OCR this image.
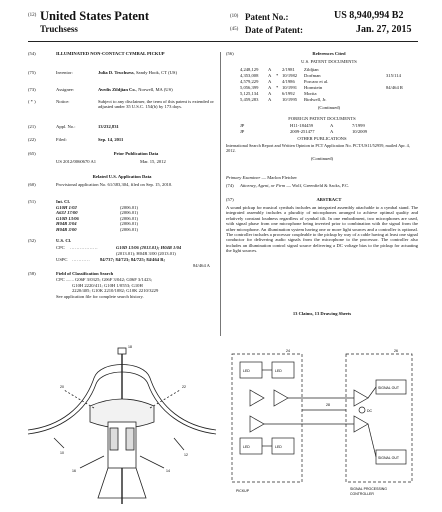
(12) United States Patent
Truchsess
(10) Patent No.:	US 8,940,994 B2
(45) Date of Patent:	Jan. 27, 2015
(54)	ILLUMINATED NON-CONTACT CYMBAL PICKUP
(75)	Inventor:	Julia D. Truchsess, Sandy Hook, CT (US)
(73)	Assignee:	Avedis Zildjian Co., Norwell, MA (US)
( * )	Notice:	Subject to any disclaimer, the term of this patent is extended or adjusted under 35 U.S.C. 154(b) by 173 days.
(21)	Appl. No.:	13/232,831
(22)	Filed:	Sep. 14, 2011
(65)	Prior Publication Data
US 2012/0060670 A1	Mar. 15, 2012
Related U.S. Application Data
(60)	Provisional application No. 61/383,304, filed on Sep. 15, 2010.
(51)	Int. Cl.
G10H 1/02	(2006.01)
A63J 17/00	(2006.01)
G10D 13/06	(2006.01)
H04R 3/04	(2006.01)
H04R 3/00	(2006.01)
(52)	U.S. Cl.
CPC .................	G10D 13/06 (2013.01); H04R 1/04
(2013.01); H04R 3/00 (2013.01)
USPC ........... 84/737; 84/723; 84/725; 84/464 R;
84/464 A
(58)	Field of Classification Search
CPC ....... G06F 3/0325; G06F 3/042; G06F 3/1423;
G10H 2220/411; G10H 1/0553; G10H
2220/405; G10K 2210/1082; G10K 2210/3229
See application file for complete search history.
(56)	References Cited
U.S. PATENT DOCUMENTS
4,248,129 A 2/1981 Zildjian
4,353,008 A * 10/1982 Dorfman	315/114
4,579,229 A 4/1986 Porcaro et al.
5,056,399 A * 10/1991 Hornstein	84/464 R
5,125,134 A 6/1992 Morita
5,459,283 A 10/1995 Birdwell, Jr.
(Continued)
FOREIGN PATENT DOCUMENTS
JP	H11-184459	A	7/1999
JP	2009-251477	A	10/2009
OTHER PUBLICATIONS
International Search Report and Written Opinion in PCT Application No. PCT/US11/52959, mailed Apr. 4, 2012.
(Continued)
Primary Examiner — Marlon Fletcher
(74) Attorney, Agent, or Firm — Wolf, Greenfield & Sacks, P.C.
(57)	ABSTRACT
A sound pickup for musical cymbals includes an integrated assembly attachable to a cymbal stand. The integrated assembly includes a plurality of microphones arranged to achieve optimal quality and relatively constant loudness regardless of cymbal tilt. In one embodiment, two microphones are used, with signal phase from one microphone being inverted prior to combination with the signal from the other microphone. An illumination system having one or more light sources and a controller is optional. The controller includes a processor coupleable to the pickup by way of a cable having at least one signal conductor for delivering audio signals from the microphone to the processor. The controller also includes an illumination control signal source delivering a DC voltage bias to the pickup for actuating the light sources.
13 Claims, 13 Drawing Sheets
10	12
14
16
18
20	22
LED	LED
LED	LED
SIGNAL OUT
SIGNAL OUT
DC
24	26
28
PICKUP	SIGNAL PROCESSING
CONTROLLER
